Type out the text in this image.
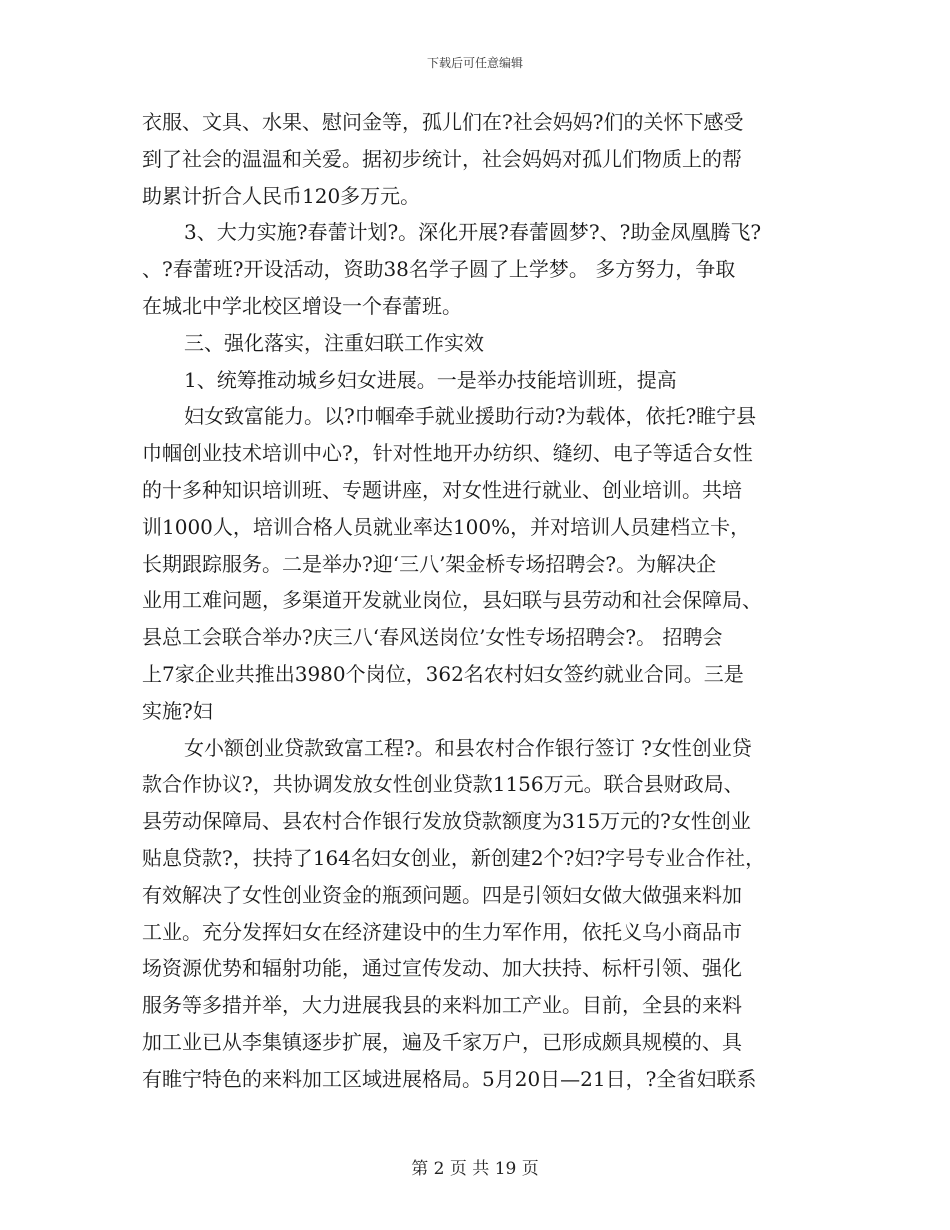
下载后可任意编辑
衣服、文具、水果、慰问金等，孤儿们在?社会妈妈?们的关怀下感受
到了社会的温温和关爱。据初步统计，社会妈妈对孤儿们物质上的帮
助累计折合人民币120多万元。
3、大力实施?春蕾计划?。深化开展?春蕾圆梦?、?助金凤凰腾飞?
、?春蕾班?开设活动，资助38名学子圆了上学梦。 多方努力，争取
在城北中学北校区增设一个春蕾班。
三、强化落实，注重妇联工作实效
1、统筹推动城乡妇女进展。一是举办技能培训班，提高
妇女致富能力。以?巾帼牵手就业援助行动?为载体，依托?睢宁县
巾帼创业技术培训中心?，针对性地开办纺织、缝纫、电子等适合女性
的十多种知识培训班、专题讲座，对女性进行就业、创业培训。共培
训1000人，培训合格人员就业率达100%，并对培训人员建档立卡，
长期跟踪服务。二是举办?迎‘三八’架金桥专场招聘会?。为解决企
业用工难问题，多渠道开发就业岗位，县妇联与县劳动和社会保障局、
县总工会联合举办?庆三八‘春风送岗位’女性专场招聘会?。 招聘会
上7家企业共推出3980个岗位，362名农村妇女签约就业合同。三是
实施?妇
女小额创业贷款致富工程?。和县农村合作银行签订 ?女性创业贷
款合作协议?，共协调发放女性创业贷款1156万元。联合县财政局、
县劳动保障局、县农村合作银行发放贷款额度为315万元的?女性创业
贴息贷款?，扶持了164名妇女创业，新创建2个?妇?字号专业合作社，
有效解决了女性创业资金的瓶颈问题。四是引领妇女做大做强来料加
工业。充分发挥妇女在经济建设中的生力军作用，依托义乌小商品市
场资源优势和辐射功能，通过宣传发动、加大扶持、标杆引领、强化
服务等多措并举，大力进展我县的来料加工产业。目前，全县的来料
加工业已从李集镇逐步扩展，遍及千家万户，已形成颇具规模的、具
有睢宁特色的来料加工区域进展格局。5月20日—21日，?全省妇联系
第 2 页 共 19 页
